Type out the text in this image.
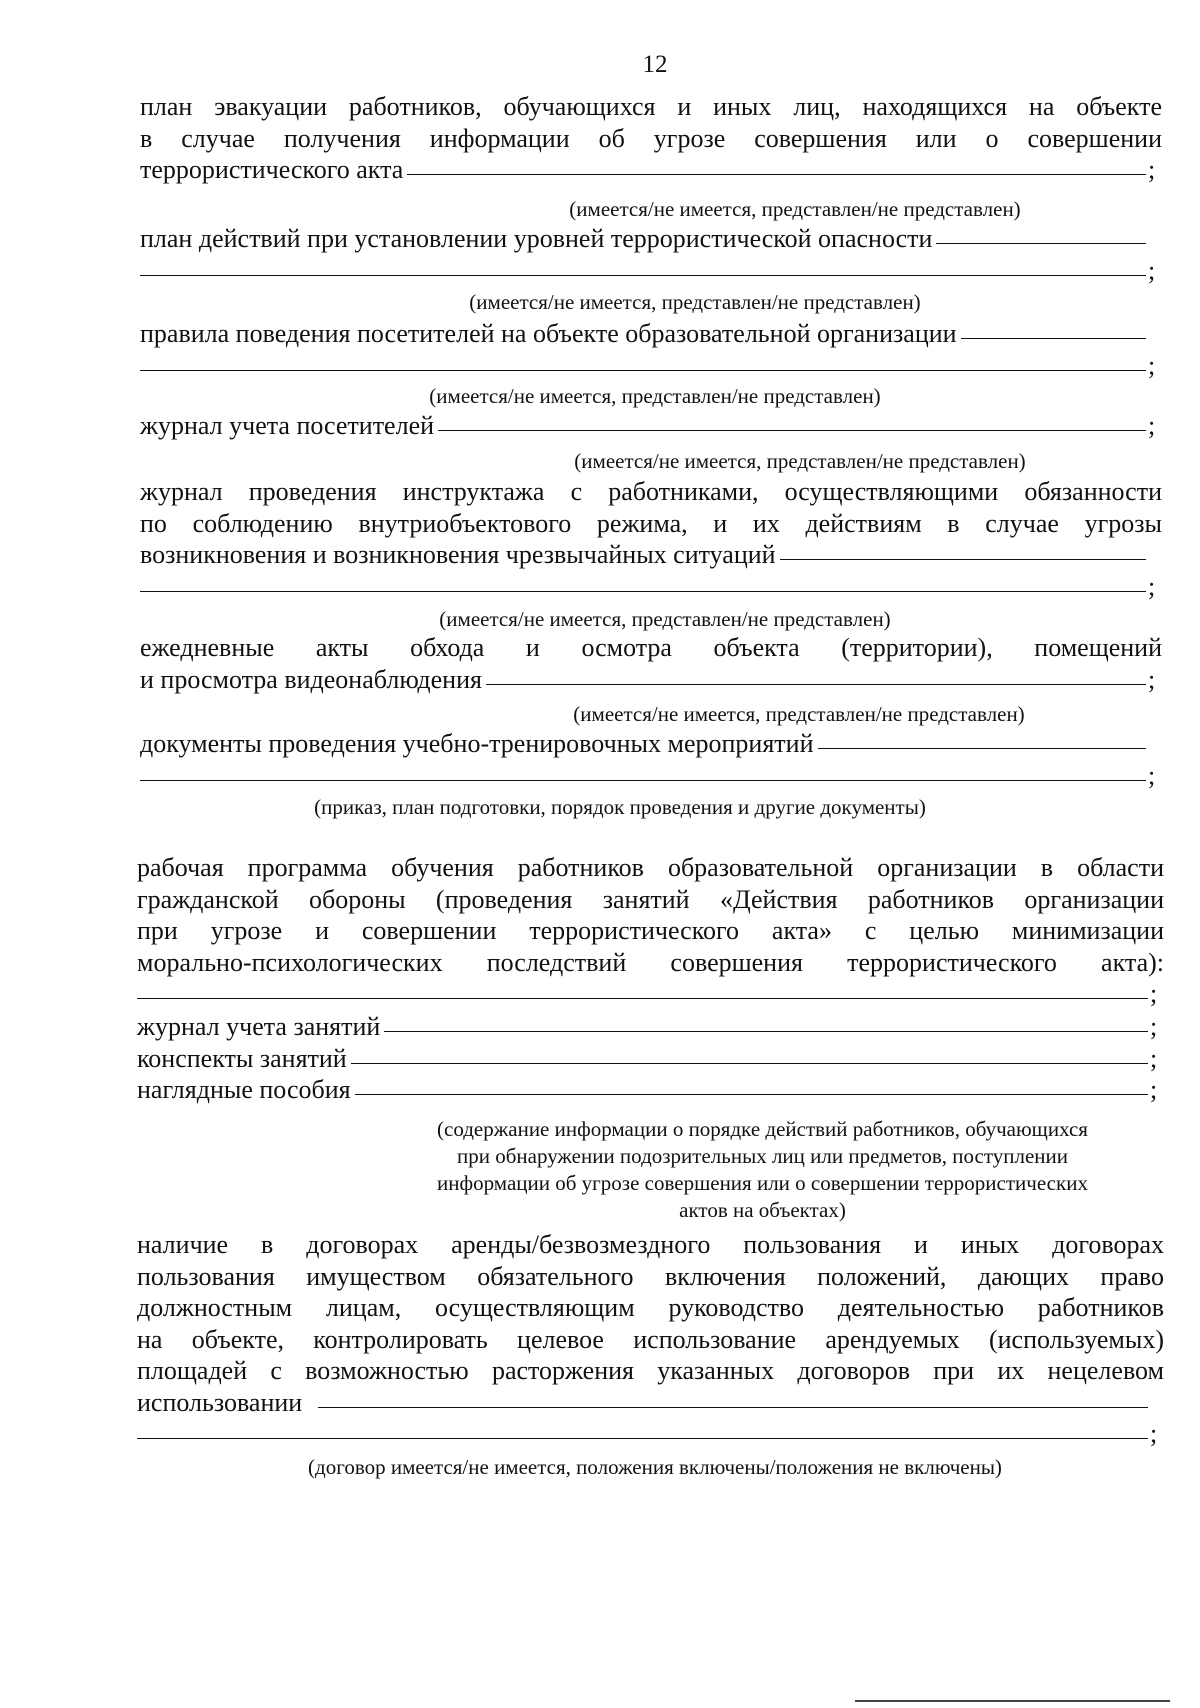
12
план эвакуации работников, обучающихся и иных лиц, находящихся на объекте
в случае получения информации об угрозе совершения или о совершении
террористического акта	;
(имеется/не имеется, представлен/не представлен)
план действий при установлении уровней террористической опасности
;
(имеется/не имеется, представлен/не представлен)
правила поведения посетителей на объекте образовательной организации
;
(имеется/не имеется, представлен/не представлен)
журнал учета посетителей	;
(имеется/не имеется, представлен/не представлен)
журнал проведения инструктажа с работниками, осуществляющими обязанности
по соблюдению внутриобъектового режима, и их действиям в случае угрозы
возникновения и возникновения чрезвычайных ситуаций
;
(имеется/не имеется, представлен/не представлен)
ежедневные акты обхода и осмотра объекта (территории), помещений
и просмотра видеонаблюдения	;
(имеется/не имеется, представлен/не представлен)
документы проведения учебно-тренировочных мероприятий
;
(приказ, план подготовки, порядок проведения и другие документы)
рабочая программа обучения работников образовательной организации в области
гражданской обороны (проведения занятий «Действия работников организации
при угрозе и совершении террористического акта» с целью минимизации
морально-психологических последствий совершения террористического акта):
;
журнал учета занятий	;
конспекты занятий	;
наглядные пособия	;
(содержание информации о порядке действий работников, обучающихся
при обнаружении подозрительных лиц или предметов, поступлении
информации об угрозе совершения или о совершении террористических
актов на объектах)
наличие в договорах аренды/безвозмездного пользования и иных договорах
пользования имуществом обязательного включения положений, дающих право
должностным лицам, осуществляющим руководство деятельностью работников
на объекте, контролировать целевое использование арендуемых (используемых)
площадей с возможностью расторжения указанных договоров при их нецелевом
использовании
;
(договор имеется/не имеется, положения включены/положения не включены)
